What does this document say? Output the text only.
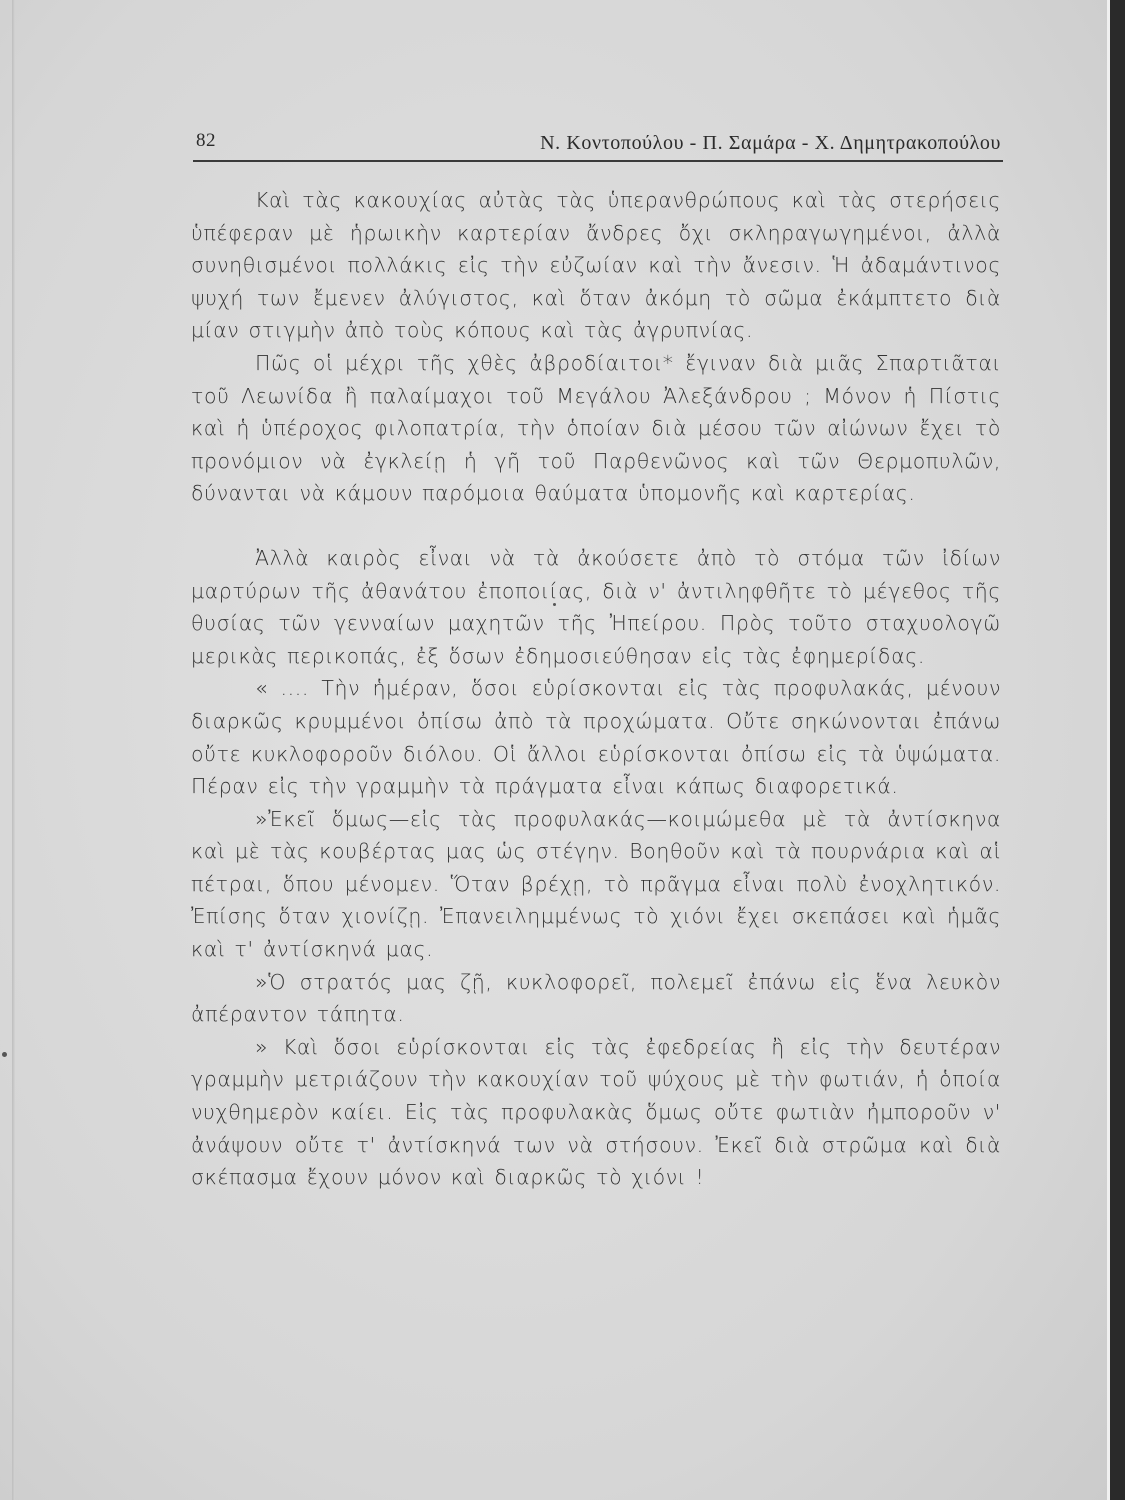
82	Ν. Κοντοπούλου - Π. Σαμάρα - Χ. Δημητρακοπούλου

Καὶ τὰς κακουχίας αὐτὰς τὰς ὑπερανθρώπους καὶ τὰς στερήσεις ὑπέφεραν μὲ ἡρωικὴν καρτερίαν ἄνδρες ὄχι σκληραγωγημένοι, ἀλλὰ συνηθισμένοι πολλάκις εἰς τὴν εὐζωίαν καὶ τὴν ἄνεσιν. Ἡ ἀδαμάντινος ψυχή των ἔμενεν ἀλύγιστος, καὶ ὅταν ἀκόμη τὸ σῶμα ἐκάμπτετο διὰ μίαν στιγμὴν ἀπὸ τοὺς κόπους καὶ τὰς ἀγρυπνίας.

Πῶς οἱ μέχρι τῆς χθὲς ἀβροδίαιτοι* ἔγιναν διὰ μιᾶς Σπαρτιᾶται τοῦ Λεωνίδα ἢ παλαίμαχοι τοῦ Μεγάλου Ἀλεξάνδρου ; Μόνον ἡ Πίστις καὶ ἡ ὑπέροχος φιλοπατρία, τὴν ὁποίαν διὰ μέσου τῶν αἰώνων ἔχει τὸ προνόμιον νὰ ἐγκλείῃ ἡ γῆ τοῦ Παρθενῶνος καὶ τῶν Θερμοπυλῶν, δύνανται νὰ κάμουν παρόμοια θαύματα ὑπομονῆς καὶ καρτερίας.

Ἀλλὰ καιρὸς εἶναι νὰ τὰ ἀκούσετε ἀπὸ τὸ στόμα τῶν ἰδίων μαρτύρων τῆς ἀθανάτου ἐποποιίας, διὰ ν' ἀντιληφθῆτε τὸ μέγεθος τῆς θυσίας τῶν γενναίων μαχητῶν τῆς Ἠπείρου. Πρὸς τοῦτο σταχυολογῶ μερικὰς περικοπάς, ἐξ ὅσων ἐδημοσιεύθησαν εἰς τὰς ἐφημερίδας.

« .... Τὴν ἡμέραν, ὅσοι εὑρίσκονται εἰς τὰς προφυλακάς, μένουν διαρκῶς κρυμμένοι ὀπίσω ἀπὸ τὰ προχώματα. Οὔτε σηκώνονται ἐπάνω οὔτε κυκλοφοροῦν διόλου. Οἱ ἄλλοι εὑρίσκονται ὀπίσω εἰς τὰ ὑψώματα. Πέραν εἰς τὴν γραμμὴν τὰ πράγματα εἶναι κάπως διαφορετικά.

»Ἐκεῖ ὅμως—εἰς τὰς προφυλακάς—κοιμώμεθα μὲ τὰ ἀντίσκηνα καὶ μὲ τὰς κουβέρτας μας ὡς στέγην. Βοηθοῦν καὶ τὰ πουρνάρια καὶ αἱ πέτραι, ὅπου μένομεν. Ὅταν βρέχῃ, τὸ πρᾶγμα εἶναι πολὺ ἐνοχλητικόν. Ἐπίσης ὅταν χιονίζῃ. Ἐπανειλημμένως τὸ χιόνι ἔχει σκεπάσει καὶ ἡμᾶς καὶ τ' ἀντίσκηνά μας.

»Ὁ στρατός μας ζῇ, κυκλοφορεῖ, πολεμεῖ ἐπάνω εἰς ἕνα λευκὸν ἀπέραντον τάπητα.

» Καὶ ὅσοι εὑρίσκονται εἰς τὰς ἐφεδρείας ἢ εἰς τὴν δευτέραν γραμμὴν μετριάζουν τὴν κακουχίαν τοῦ ψύχους μὲ τὴν φωτιάν, ἡ ὁποία νυχθημερὸν καίει. Εἰς τὰς προφυλακὰς ὅμως οὔτε φωτιὰν ἠμποροῦν ν' ἀνάψουν οὔτε τ' ἀντίσκηνά των νὰ στήσουν. Ἐκεῖ διὰ στρῶμα καὶ διὰ σκέπασμα ἔχουν μόνον καὶ διαρκῶς τὸ χιόνι !
